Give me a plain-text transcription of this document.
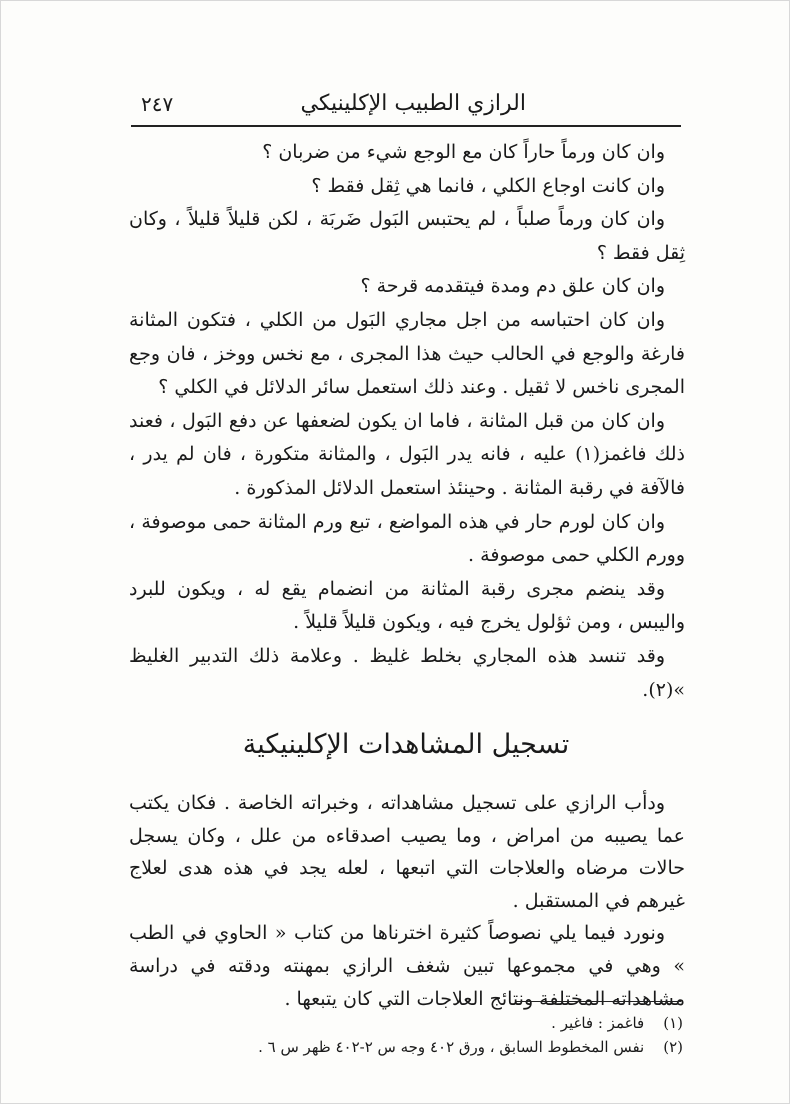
الرازي الطبيب الإكلينيكي
٢٤٧

وان كان ورماً حاراً كان مع الوجع شيء من ضربان ؟

وان كانت اوجاع الكلي ، فانما هي ثِقل فقط ؟

وان كان ورماً صلباً ، لم يحتبس البَول ضَربَة ، لكن قليلاً قليلاً ، وكان ثِقل فقط ؟

وان كان علق دم ومدة فيتقدمه قرحة ؟

وان كان احتباسه من اجل مجاري البَول من الكلي ، فتكون المثانة فارغة والوجع في الحالب حيث هذا المجرى ، مع نخس ووخز ، فان وجع المجرى ناخس لا ثقيل . وعند ذلك استعمل سائر الدلائل في الكلي ؟

وان كان من قبل المثانة ، فاما ان يكون لضعفها عن دفع البَول ، فعند ذلك فاغمز(١) عليه ، فانه يدر البَول ، والمثانة متكورة ، فان لم يدر ، فالآفة في رقبة المثانة . وحينئذ استعمل الدلائل المذكورة .

وان كان لورم حار في هذه المواضع ، تبع ورم المثانة حمى موصوفة ، وورم الكلي حمى موصوفة .

وقد ينضم مجرى رقبة المثانة من انضمام يقع له ، ويكون للبرد واليبس ، ومن ثؤلول يخرج فيه ، ويكون قليلاً قليلاً .

وقد تنسد هذه المجاري بخلط غليظ . وعلامة ذلك التدبير الغليظ »(٢).

تسجيل المشاهدات الإكلينيكية

ودأب الرازي على تسجيل مشاهداته ، وخبراته الخاصة . فكان يكتب عما يصيبه من امراض ، وما يصيب اصدقاءه من علل ، وكان يسجل حالات مرضاه والعلاجات التي اتبعها ، لعله يجد في هذه هدى لعلاج غيرهم في المستقبل .

ونورد فيما يلي نصوصاً كثيرة اخترناها من كتاب « الحاوي في الطب » وهي في مجموعها تبين شغف الرازي بمهنته ودقته في دراسة مشاهداته المختلفة ونتائج العلاجات التي كان يتبعها .

(١) فاغمز : فاغير .
(٢) نفس المخطوط السابق ، ورق ٤٠٢ وجه س ٢-٤٠٢ ظهر س ٦ .
